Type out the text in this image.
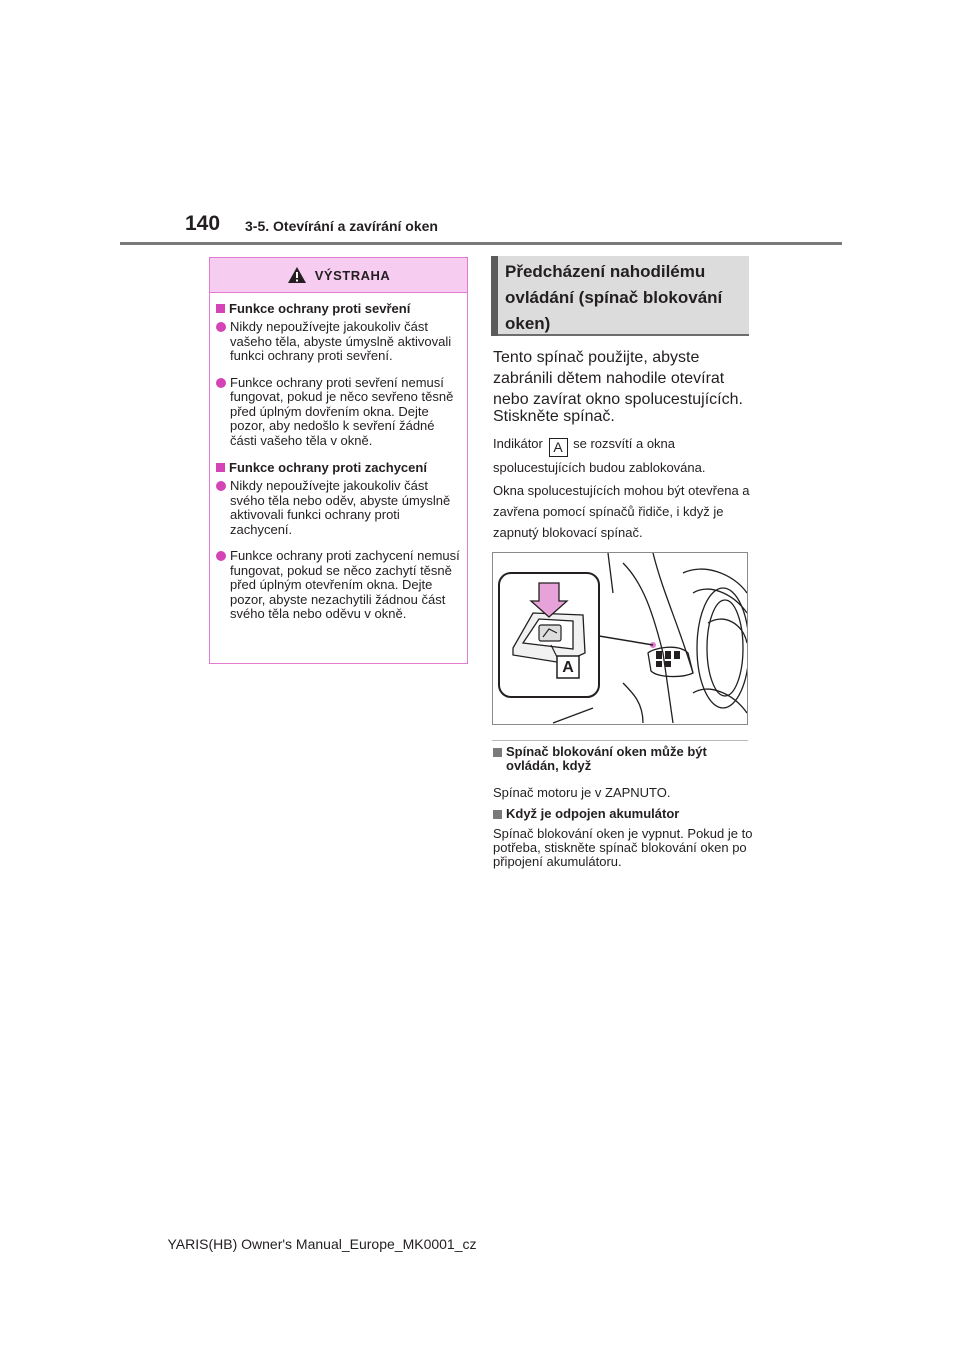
140 3-5. Otevírání a zavírání oken
VÝSTRAHA
Funkce ochrany proti sevření
Nikdy nepoužívejte jakoukoliv část vašeho těla, abyste úmyslně aktivovali funkci ochrany proti sevření.
Funkce ochrany proti sevření nemusí fungovat, pokud je něco sevřeno těsně před úplným dovřením okna. Dejte pozor, aby nedošlo k sevření žádné části vašeho těla v okně.
Funkce ochrany proti zachycení
Nikdy nepoužívejte jakoukoliv část svého těla nebo oděv, abyste úmyslně aktivovali funkci ochrany proti zachycení.
Funkce ochrany proti zachycení nemusí fungovat, pokud se něco zachytí těsně před úplným otevřením okna. Dejte pozor, abyste nezachytili žádnou část svého těla nebo oděvu v okně.
Předcházení nahodilému
ovládání (spínač blokování
oken)
Tento spínač použijte, abyste zabránili dětem nahodile otevírat nebo zavírat okno spolucestujících.
Stiskněte spínač.
Indikátor A se rozsvítí a okna spolucestujících budou zablokována.
Okna spolucestujících mohou být otevřena a zavřena pomocí spínačů řidiče, i když je zapnutý blokovací spínač.
A
Spínač blokování oken může být ovládán, když
Spínač motoru je v ZAPNUTO.
Když je odpojen akumulátor
Spínač blokování oken je vypnut. Pokud je to potřeba, stiskněte spínač blokování oken po připojení akumulátoru.
YARIS(HB) Owner's Manual_Europe_MK0001_cz
